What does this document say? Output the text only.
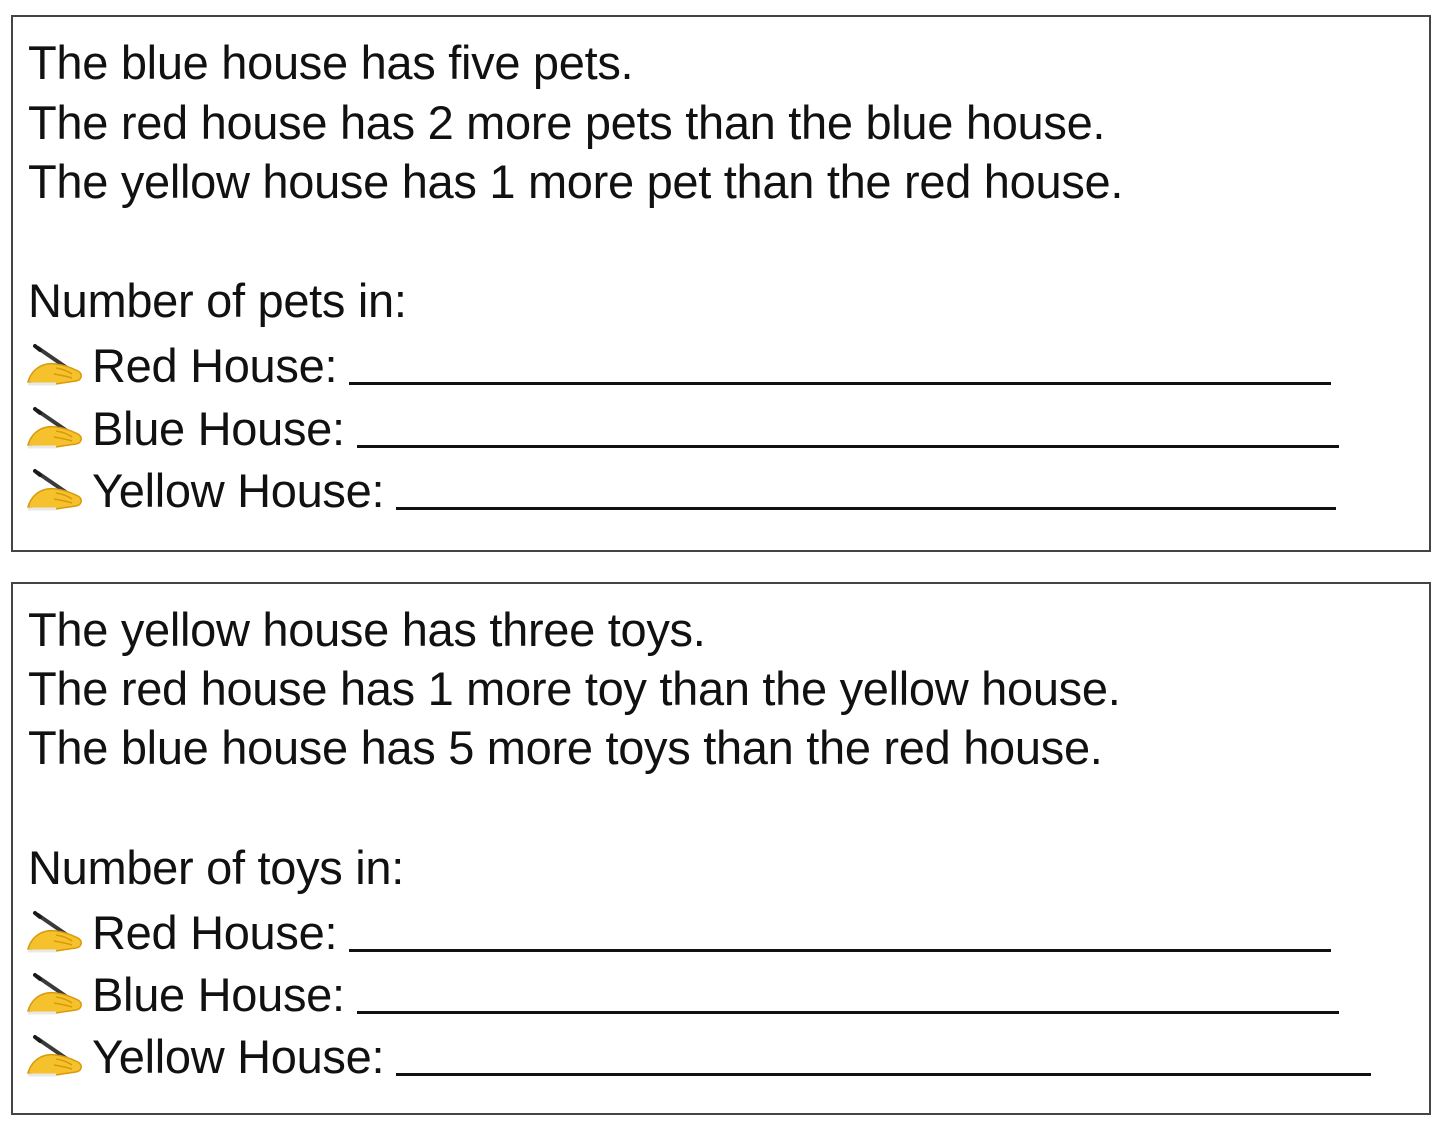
The blue house has five pets.
The red house has 2 more pets than the blue house.
The yellow house has 1 more pet than the red house.
Number of pets in:
Red House:
Blue House:
Yellow House:
The yellow house has three toys.
The red house has 1 more toy than the yellow house.
The blue house has 5 more toys than the red house.
Number of toys in:
Red House:
Blue House:
Yellow House:
